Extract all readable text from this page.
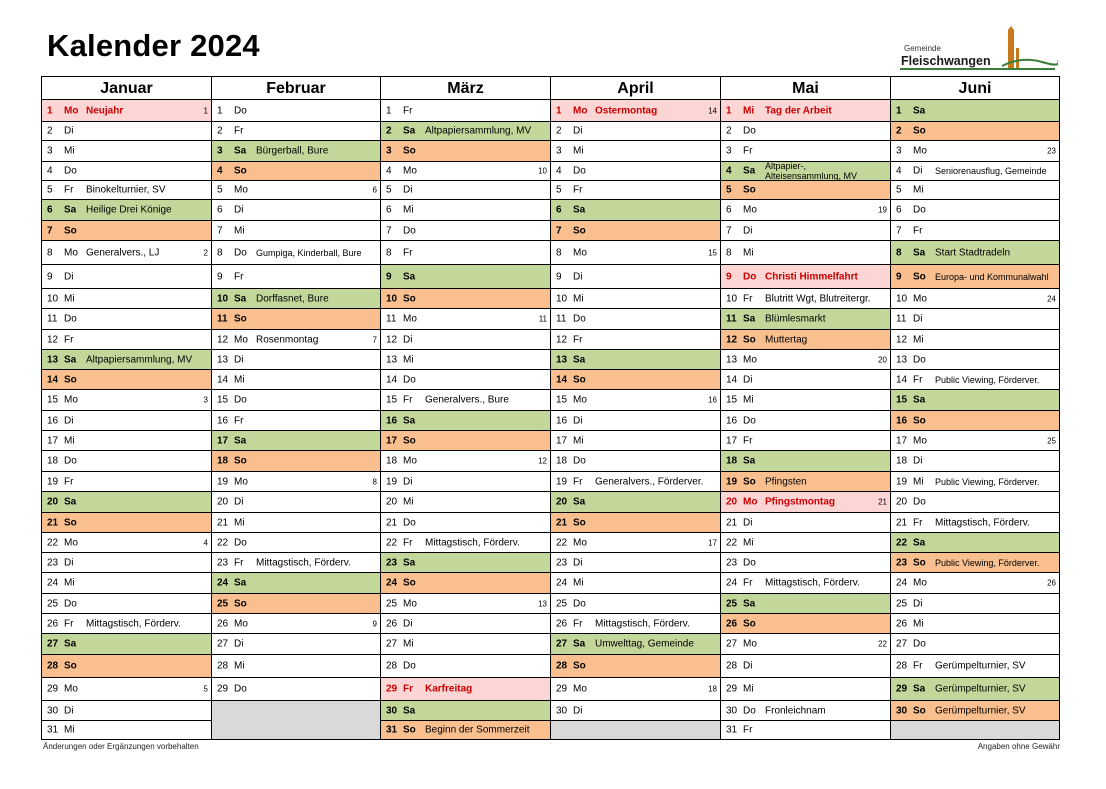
Kalender 2024	Gemeinde
Fleischwangen
Januar
1 Mo Neujahr	1
2 Di
3 Mi
4 Do
5 Fr Binokelturnier, SV
6 Sa Heilige Drei Könige
7 So
8 Mo Generalvers., LJ	2
9 Di
10 Mi
11 Do
12 Fr
13 Sa Altpapiersammlung, MV
14 So
15 Mo	3
16 Di
17 Mi
18 Do
19 Fr
20 Sa
21 So
22 Mo	4
23 Di
24 Mi
25 Do
26 Fr Mittagstisch, Förderv.
27 Sa
28 So
29 Mo	5
30 Di
31 Mi
Februar
1 Do
2 Fr
3 Sa Bürgerball, Bure
4 So
5 Mo	6
6 Di
7 Mi
8 Do Gumpiga, Kinderball, Bure
9 Fr
10 Sa Dorffasnet, Bure
11 So
12 Mo Rosenmontag	7
13 Di
14 Mi
15 Do
16 Fr
17 Sa
18 So
19 Mo	8
20 Di
21 Mi
22 Do
23 Fr Mittagstisch, Förderv.
24 Sa
25 So
26 Mo	9
27 Di
28 Mi
29 Do
März
1 Fr
2 Sa Altpapiersammlung, MV
3 So
4 Mo	10
5 Di
6 Mi
7 Do
8 Fr
9 Sa
10 So
11 Mo	11
12 Di
13 Mi
14 Do
15 Fr Generalvers., Bure
16 Sa
17 So
18 Mo	12
19 Di
20 Mi
21 Do
22 Fr Mittagstisch, Förderv.
23 Sa
24 So
25 Mo	13
26 Di
27 Mi
28 Do
29 Fr Karfreitag
30 Sa
31 So Beginn der Sommerzeit
April
1 Mo Ostermontag	14
2 Di
3 Mi
4 Do
5 Fr
6 Sa
7 So
8 Mo	15
9 Di
10 Mi
11 Do
12 Fr
13 Sa
14 So
15 Mo	16
16 Di
17 Mi
18 Do
19 Fr Generalvers., Förderver.
20 Sa
21 So
22 Mo	17
23 Di
24 Mi
25 Do
26 Fr Mittagstisch, Förderv.
27 Sa Umwelttag, Gemeinde
28 So
29 Mo	18
30 Di
Mai
1 Mi Tag der Arbeit
2 Do
3 Fr
4 Sa Altpapier-, Alteisensammlung, MV
5 So
6 Mo	19
7 Di
8 Mi
9 Do Christi Himmelfahrt
10 Fr Blutritt Wgt, Blutreitergr.
11 Sa Blümlesmarkt
12 So Muttertag
13 Mo	20
14 Di
15 Mi
16 Do
17 Fr
18 Sa
19 So Pfingsten
20 Mo Pfingstmontag	21
21 Di
22 Mi
23 Do
24 Fr Mittagstisch, Förderv.
25 Sa
26 So
27 Mo	22
28 Di
29 Mi
30 Do Fronleichnam
31 Fr
Juni
1 Sa
2 So
3 Mo	23
4 Di Seniorenausflug, Gemeinde
5 Mi
6 Do
7 Fr
8 Sa Start Stadtradeln
9 So Europa- und Kommunalwahl
10 Mo	24
11 Di
12 Mi
13 Do
14 Fr Public Viewing, Förderver.
15 Sa
16 So
17 Mo	25
18 Di
19 Mi Public Viewing, Förderver.
20 Do
21 Fr Mittagstisch, Förderv.
22 Sa
23 So Public Viewing, Förderver.
24 Mo	26
25 Di
26 Mi
27 Do
28 Fr Gerümpelturnier, SV
29 Sa Gerümpelturnier, SV
30 So Gerümpelturnier, SV
Änderungen oder Ergänzungen vorbehalten	Angaben ohne Gewähr
